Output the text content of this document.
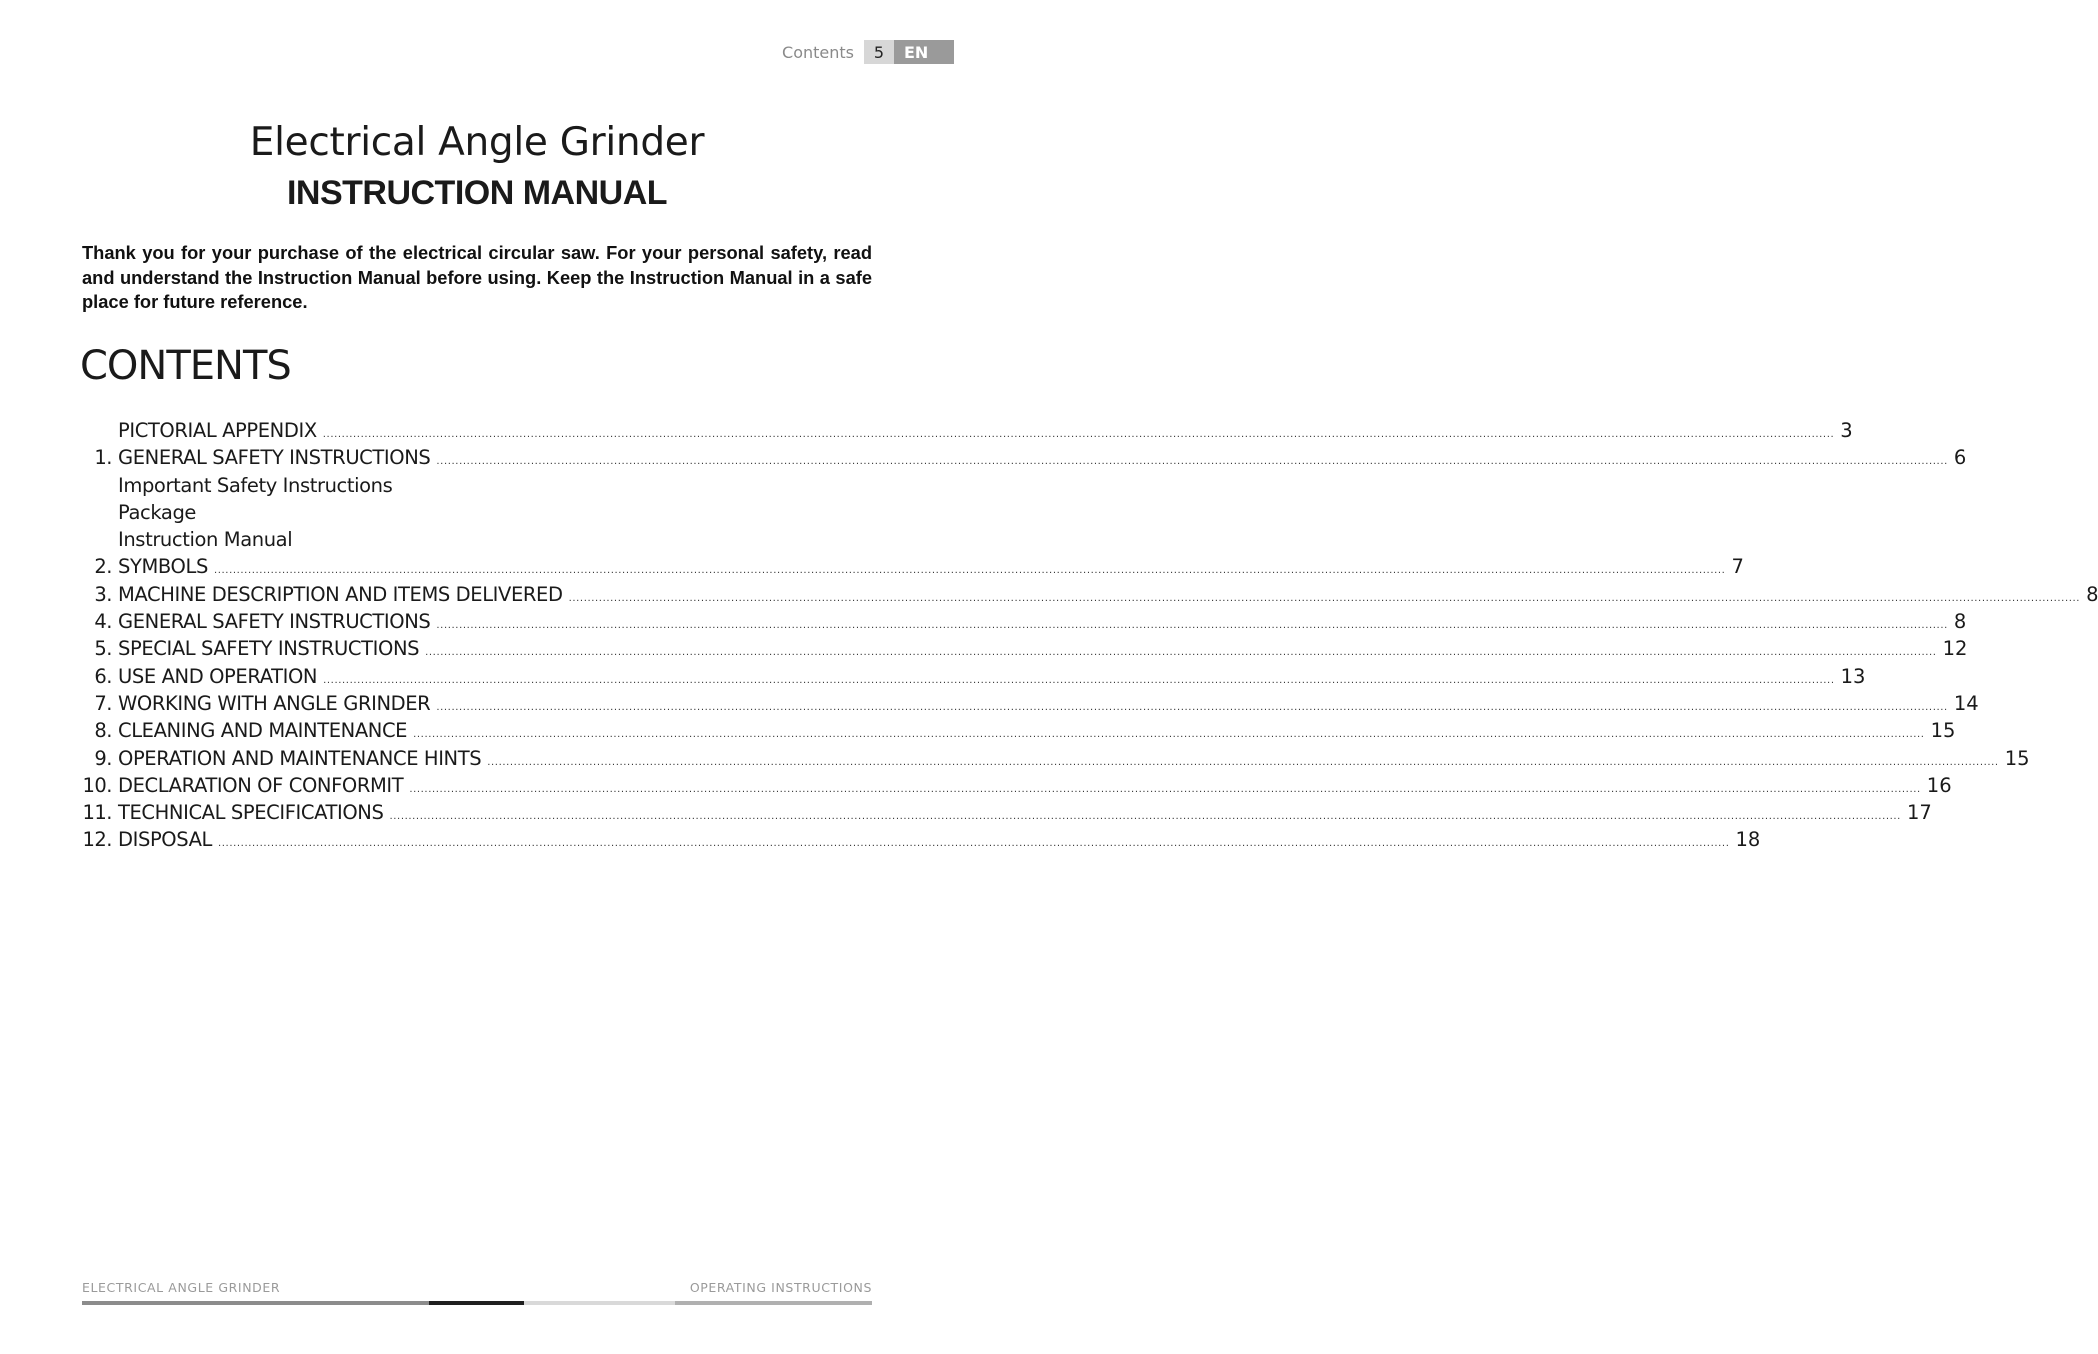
Contents	5	EN
Electrical Angle Grinder
INSTRUCTION MANUAL

Thank you for your purchase of the electrical circular saw. For your personal safety, read and understand the Instruction Manual before using. Keep the Instruction Manual in a safe place for future reference.

CONTENTS
PICTORIAL APPENDIX ................................................................................................................................................................................................................................................................................................................................................................................................................ 3
1. GENERAL SAFETY INSTRUCTIONS ................................................................................................................................................................................................................................................................................................................................................................................................................ 6
Important Safety Instructions
Package
Instruction Manual
2. SYMBOLS ................................................................................................................................................................................................................................................................................................................................................................................................................ 7
3. MACHINE DESCRIPTION AND ITEMS DELIVERED ................................................................................................................................................................................................................................................................................................................................................................................................................ 8
4. GENERAL SAFETY INSTRUCTIONS ................................................................................................................................................................................................................................................................................................................................................................................................................ 8
5. SPECIAL SAFETY INSTRUCTIONS ................................................................................................................................................................................................................................................................................................................................................................................................................ 12
6. USE AND OPERATION ................................................................................................................................................................................................................................................................................................................................................................................................................ 13
7. WORKING WITH ANGLE GRINDER ................................................................................................................................................................................................................................................................................................................................................................................................................ 14
8. CLEANING AND MAINTENANCE ................................................................................................................................................................................................................................................................................................................................................................................................................ 15
9. OPERATION AND MAINTENANCE HINTS ................................................................................................................................................................................................................................................................................................................................................................................................................ 15
10. DECLARATION OF CONFORMIT ................................................................................................................................................................................................................................................................................................................................................................................................................ 16
11. TECHNICAL SPECIFICATIONS ................................................................................................................................................................................................................................................................................................................................................................................................................ 17
12. DISPOSAL ................................................................................................................................................................................................................................................................................................................................................................................................................ 18
ELECTRICAL ANGLE GRINDER	OPERATING INSTRUCTIONS
